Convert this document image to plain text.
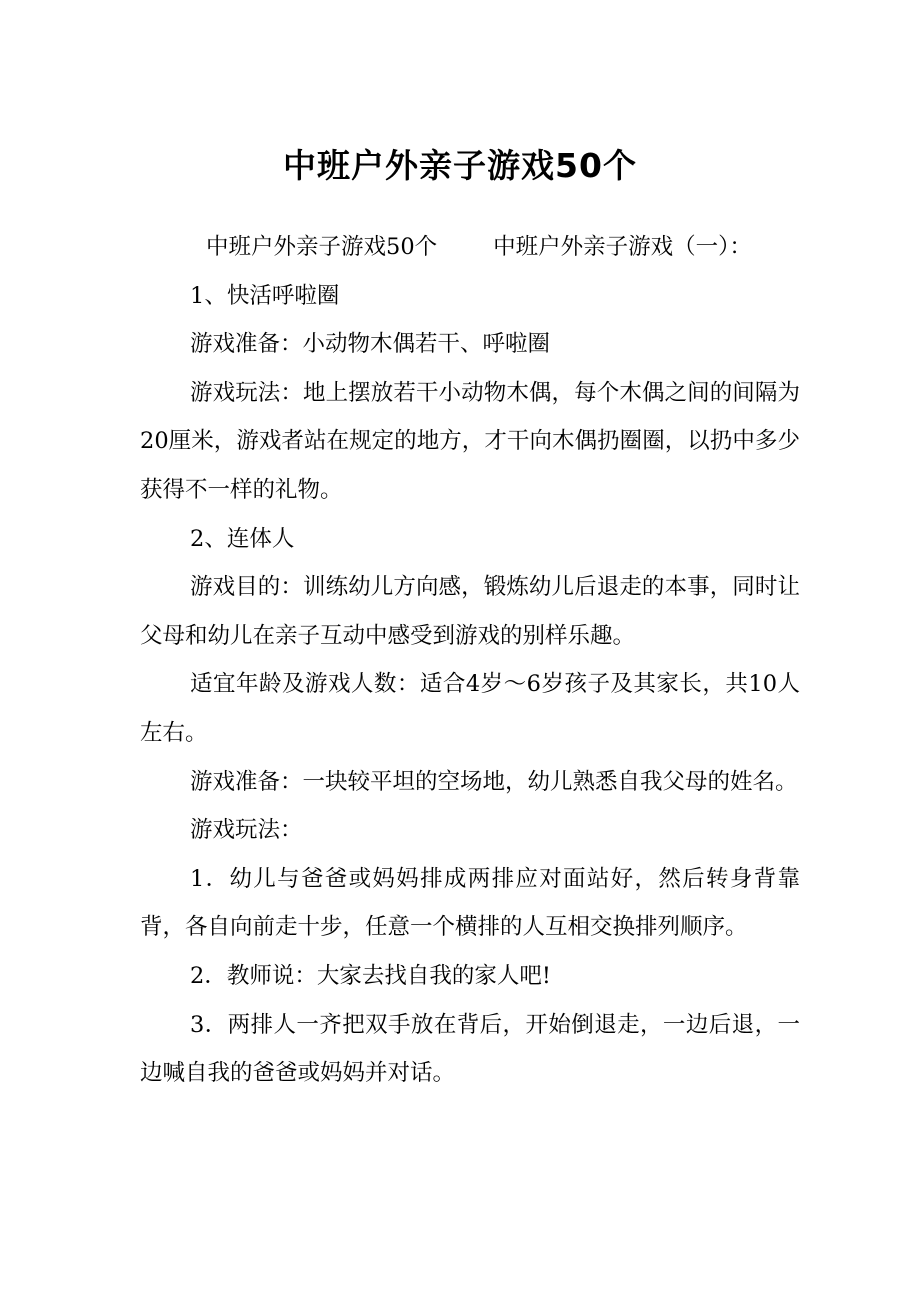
中班户外亲子游戏50个

中班户外亲子游戏50个 中班户外亲子游戏（一）：

1、快活呼啦圈

游戏准备：小动物木偶若干、呼啦圈

游戏玩法：地上摆放若干小动物木偶，每个木偶之间的间隔为20厘米，游戏者站在规定的地方，才干向木偶扔圈圈，以扔中多少获得不一样的礼物。

2、连体人

游戏目的：训练幼儿方向感，锻炼幼儿后退走的本事，同时让父母和幼儿在亲子互动中感受到游戏的别样乐趣。

适宜年龄及游戏人数：适合4岁～6岁孩子及其家长，共10人左右。

游戏准备：一块较平坦的空场地，幼儿熟悉自我父母的姓名。

游戏玩法：

1．幼儿与爸爸或妈妈排成两排应对面站好，然后转身背靠背，各自向前走十步，任意一个横排的人互相交换排列顺序。

2．教师说：大家去找自我的家人吧!

3．两排人一齐把双手放在背后，开始倒退走，一边后退，一边喊自我的爸爸或妈妈并对话。
